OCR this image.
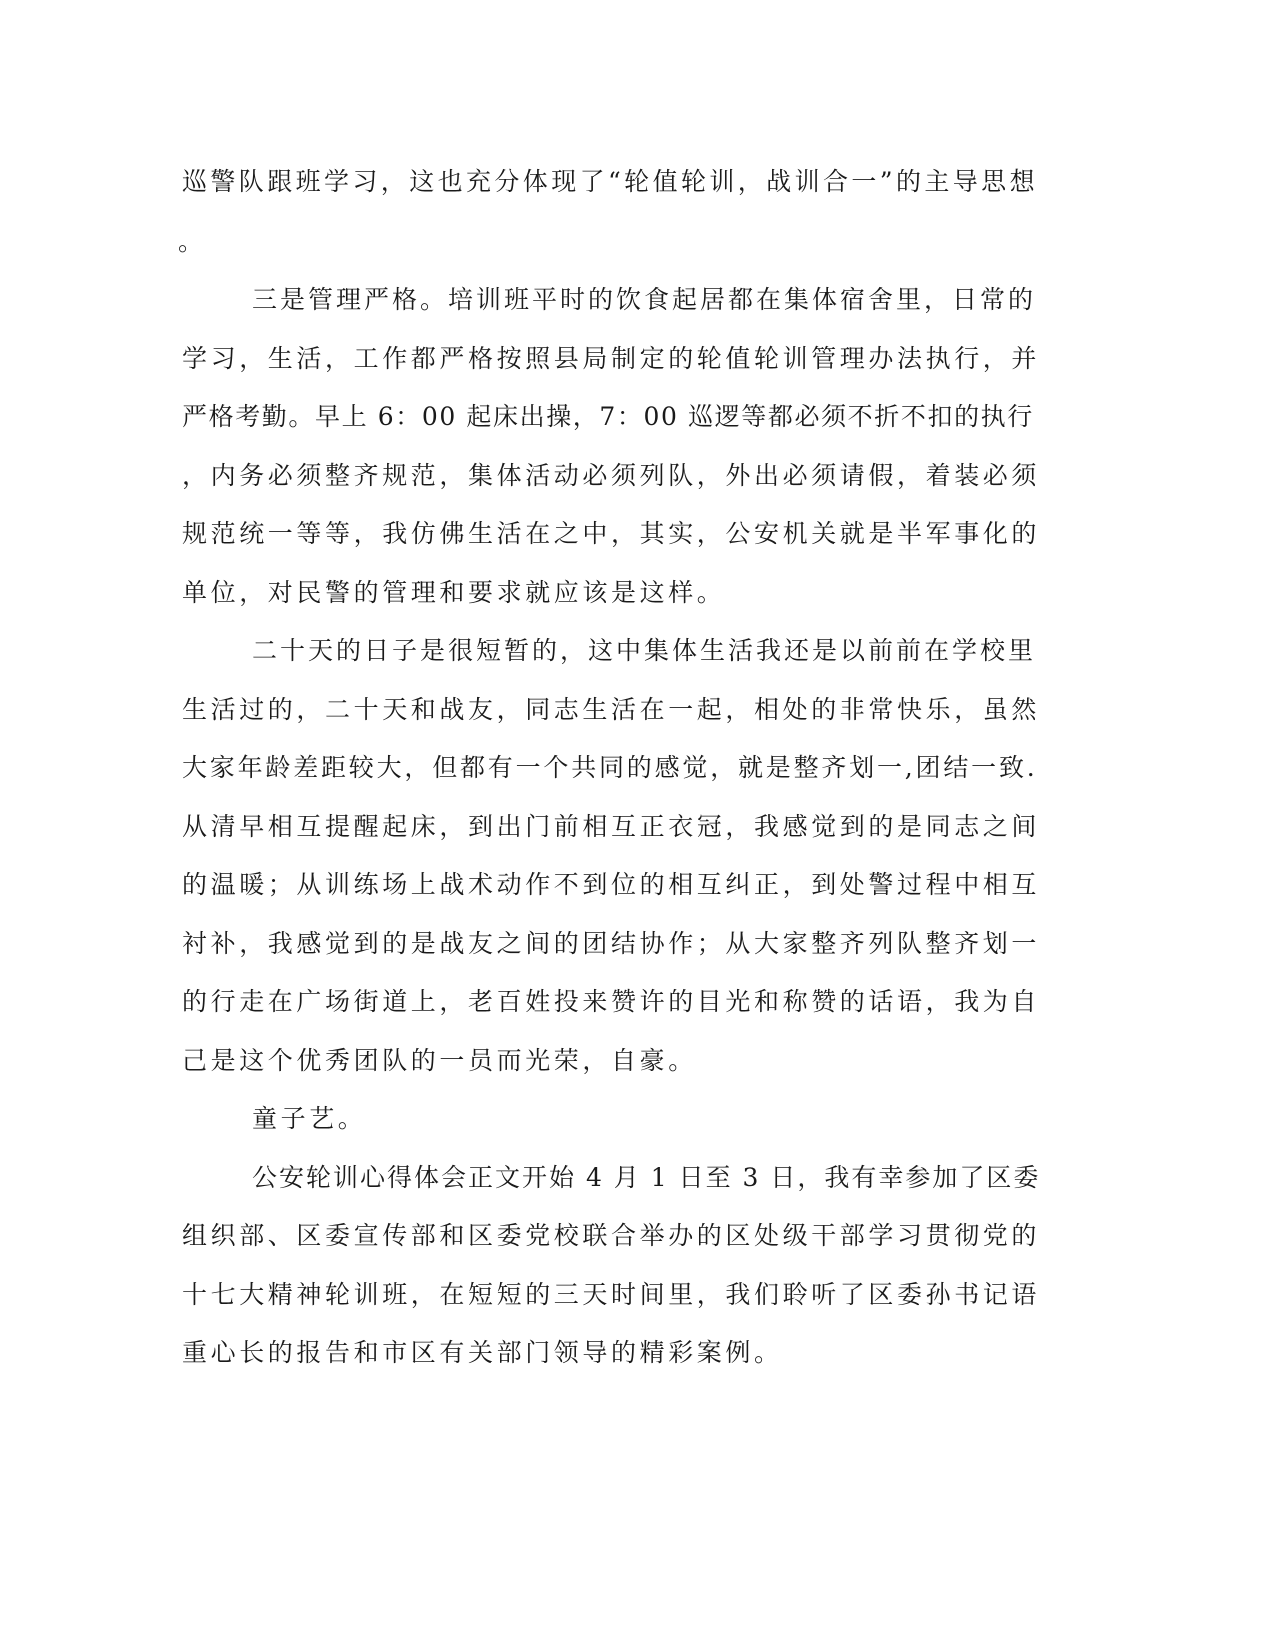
巡警队跟班学习，这也充分体现了“轮值轮训，战训合一”的主导思想

。

三是管理严格。培训班平时的饮食起居都在集体宿舍里，日常的

学习，生活，工作都严格按照县局制定的轮值轮训管理办法执行，并

严格考勤。早上 6：00 起床出操，7：00 巡逻等都必须不折不扣的执行

，内务必须整齐规范，集体活动必须列队，外出必须请假，着装必须

规范统一等等，我仿佛生活在之中，其实，公安机关就是半军事化的

单位，对民警的管理和要求就应该是这样。

二十天的日子是很短暂的，这中集体生活我还是以前前在学校里

生活过的，二十天和战友，同志生活在一起，相处的非常快乐，虽然

大家年龄差距较大，但都有一个共同的感觉，就是整齐划一,团结一致.

从清早相互提醒起床，到出门前相互正衣冠，我感觉到的是同志之间

的温暖；从训练场上战术动作不到位的相互纠正，到处警过程中相互

衬补，我感觉到的是战友之间的团结协作；从大家整齐列队整齐划一

的行走在广场街道上，老百姓投来赞许的目光和称赞的话语，我为自

己是这个优秀团队的一员而光荣，自豪。

童子艺。

公安轮训心得体会正文开始 4 月 1 日至 3 日，我有幸参加了区委

组织部、区委宣传部和区委党校联合举办的区处级干部学习贯彻党的

十七大精神轮训班，在短短的三天时间里，我们聆听了区委孙书记语

重心长的报告和市区有关部门领导的精彩案例。
